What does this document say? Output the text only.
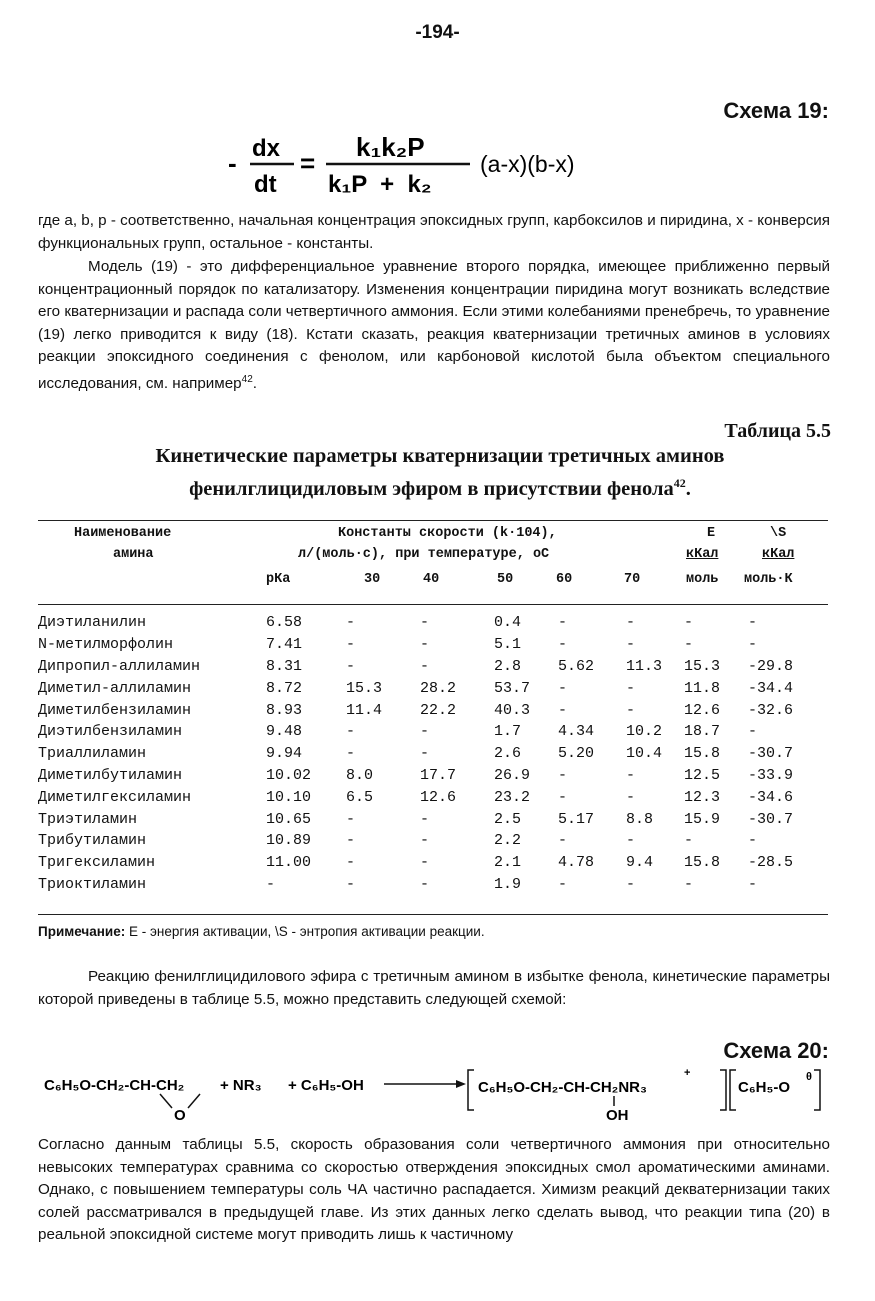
-194-
Схема 19:
- dx
dt
=
k₁k₂P
k₁P  +  k₂
(a-x)(b-x)
где а, b, р - соответственно, начальная концентрация эпоксидных групп, карбоксилов и пиридина, х - конверсия функциональных групп, остальное - константы.
Модель (19) - это дифференциальное уравнение второго порядка, имеющее приближенно первый концентрационный порядок по катализатору. Изменения концентрации пиридина могут возникать вследствие его кватернизации и распада соли четвертичного аммония. Если этими колебаниями пренебречь, то уравнение (19) легко приводится к виду (18). Кстати сказать, реакция кватернизации третичных аминов в условиях реакции эпоксидного соединения с фенолом, или карбоновой кислотой была объектом специального исследования, см. например$^{42}$.
Таблица 5.5
Кинетические параметры кватернизации третичных аминов фенилглицидиловым эфиром в присутствии фенола$^{42}$.
Наименование
амина
Константы скорости (k·104),
л/(моль·с), при температуре, оС
рКа	30	40	50	60	70
E
кКал
моль
\S
кКал
моль·К
Диэтиланилин	6.58	-	-	0.4	-	-	-	-
N-метилморфолин	7.41	-	-	5.1	-	-	-	-
Дипропил-аллиламин	8.31	-	-	2.8	5.62	11.3	15.3	-29.8
Диметил-аллиламин	8.72	15.3	28.2	53.7	-	-	11.8	-34.4
Диметилбензиламин	8.93	11.4	22.2	40.3	-	-	12.6	-32.6
Диэтилбензиламин	9.48	-	-	1.7	4.34	10.2	18.7	-
Триаллиламин	9.94	-	-	2.6	5.20	10.4	15.8	-30.7
Диметилбутиламин	10.02	8.0	17.7	26.9	-	-	12.5	-33.9
Диметилгексиламин	10.10	6.5	12.6	23.2	-	-	12.3	-34.6
Триэтиламин	10.65	-	-	2.5	5.17	8.8	15.9	-30.7
Трибутиламин	10.89	-	-	2.2	-	-	-	-
Тригексиламин	11.00	-	-	2.1	4.78	9.4	15.8	-28.5
Триоктиламин	-	-	-	1.9	-	-	-	-
Примечание: Е - энергия активации, \S - энтропия активации реакции.
Реакцию фенилглицидилового эфира с третичным амином в избытке фенола, кинетические параметры которой приведены в таблице 5.5, можно представить следующей схемой:
Схема 20:
C₆H₅O-CH₂-CH-CH₂
O
+ NR₃ + C₆H₅-OH	C₆H₅O-CH₂-CH-CH₂NR₃
+
OH
C₆H₅-O
θ
Согласно данным таблицы 5.5, скорость образования соли четвертичного аммония при относительно невысоких температурах сравнима со скоростью отверждения эпоксидных смол ароматическими аминами. Однако, с повышением температуры соль ЧА частично распадается. Химизм реакций декватернизации таких солей рассматривался в предыдущей главе. Из этих данных легко сделать вывод, что реакции типа (20) в реальной эпоксидной системе могут приводить лишь к частичному
